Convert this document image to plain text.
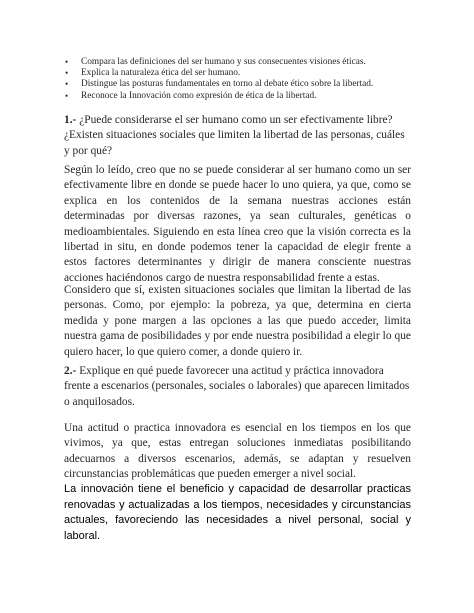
• Compara las definiciones del ser humano y sus consecuentes visiones éticas.
• Explica la naturaleza ética del ser humano.
• Distingue las posturas fundamentales en torno al debate ético sobre la libertad.
• Reconoce la Innovación como expresión de ética de la libertad.

1.- ¿Puede considerarse el ser humano como un ser efectivamente libre? ¿Existen situaciones sociales que limiten la libertad de las personas, cuáles y por qué?

Según lo leído, creo que no se puede considerar al ser humano como un ser efectivamente libre en donde se puede hacer lo uno quiera, ya que, como se explica en los contenidos de la semana nuestras acciones están determinadas por diversas razones, ya sean culturales, genéticas o medioambientales. Siguiendo en esta línea creo que la visión correcta es la libertad in situ, en donde podemos tener la capacidad de elegir frente a estos factores determinantes y dirigir de manera consciente nuestras acciones haciéndonos cargo de nuestra responsabilidad frente a estas.

Considero que sí, existen situaciones sociales que limitan la libertad de las personas. Como, por ejemplo: la pobreza, ya que, determina en cierta medida y pone margen a las opciones a las que puedo acceder, limita nuestra gama de posibilidades y por ende nuestra posibilidad a elegir lo que quiero hacer, lo que quiero comer, a donde quiero ir.

2.- Explique en qué puede favorecer una actitud y práctica innovadora frente a escenarios (personales, sociales o laborales) que aparecen limitados o anquilosados.

Una actitud o practica innovadora es esencial en los tiempos en los que vivimos, ya que, estas entregan soluciones inmediatas posibilitando adecuarnos a diversos escenarios, además, se adaptan y resuelven circunstancias problemáticas que pueden emerger a nivel social.

La innovación tiene el beneficio y capacidad de desarrollar practicas renovadas y actualizadas a los tiempos, necesidades y circunstancias actuales, favoreciendo las necesidades a nivel personal, social y laboral.
